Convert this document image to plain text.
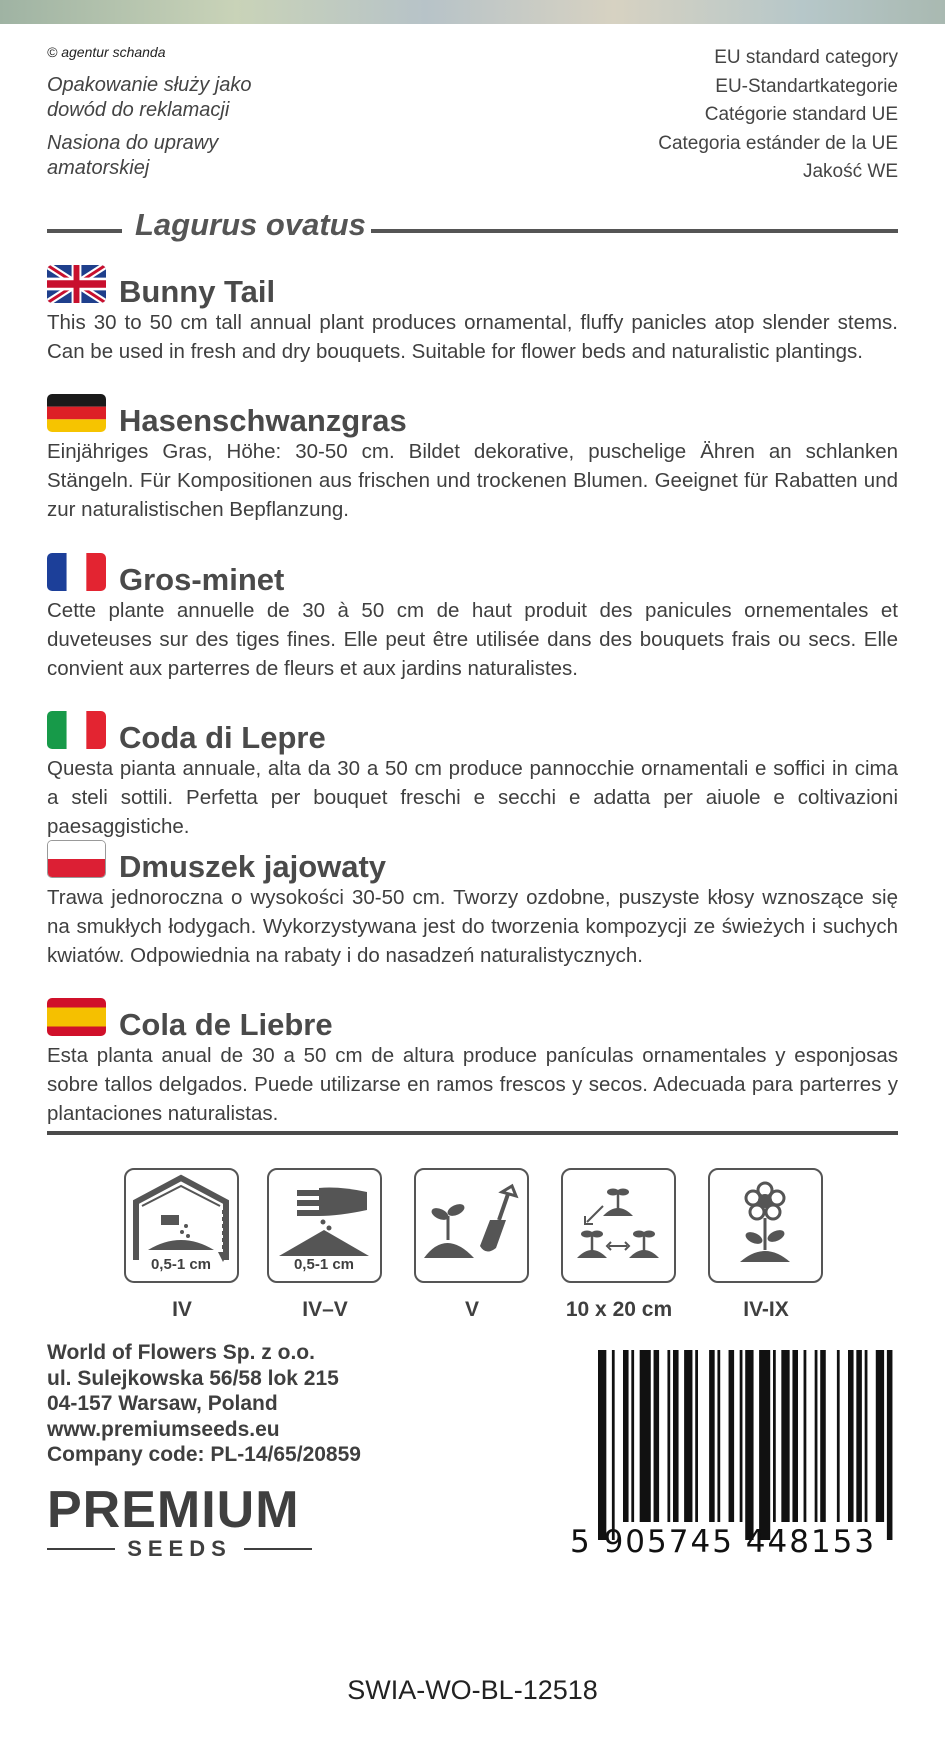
© agentur schanda
Opakowanie służy jako
dowód do reklamacji
Nasiona do uprawy
amatorskiej
EU standard category
EU-Standartkategorie
Catégorie standard UE
Categoria estánder de la UE
Jakość WE
Lagurus ovatus
Bunny Tail
This 30 to 50 cm tall annual plant produces ornamental, fluffy panicles atop slender stems. Can be used in fresh and dry bouquets. Suitable for flower beds and naturalistic plantings.
Hasenschwanzgras
Einjähriges Gras, Höhe: 30-50 cm. Bildet dekorative, puschelige Ähren an schlanken Stängeln. Für Kompositionen aus frischen und trockenen Blumen. Geeignet für Rabatten und zur naturalistischen Bepflanzung.
Gros-minet
Cette plante annuelle de 30 à 50 cm de haut produit des panicules ornementales et duveteuses sur des tiges fines. Elle peut être utilisée dans des bouquets frais ou secs. Elle convient aux parterres de fleurs et aux jardins naturalistes.
Coda di Lepre
Questa pianta annuale, alta da 30 a 50 cm produce pannocchie ornamentali e soffici in cima a steli sottili. Perfetta per bouquet freschi e secchi e adatta per aiuole e coltivazioni paesaggistiche.
Dmuszek jajowaty
Trawa jednoroczna o wysokości 30-50 cm. Tworzy ozdobne, puszyste kłosy wznoszące się na smukłych łodygach. Wykorzystywana jest do tworzenia kompozycji ze świeżych i suchych kwiatów. Odpowiednia na rabaty i do nasadzeń naturalistycznych.
Cola de Liebre
Esta planta anual de 30 a 50 cm de altura produce panículas ornamentales y esponjosas sobre tallos delgados. Puede utilizarse en ramos frescos y secos. Adecuada para parterres y plantaciones naturalistas.
0,5-1 cm	0,5-1 cm
IV	IV–V	V	10 x 20 cm	IV-IX
World of Flowers Sp. z o.o.
ul. Sulejkowska 56/58 lok 215
04-157 Warsaw, Poland
www.premiumseeds.eu
Company code: PL-14/65/20859
PREMIUM
SEEDS	5 905745 448153
SWIA-WO-BL-12518
